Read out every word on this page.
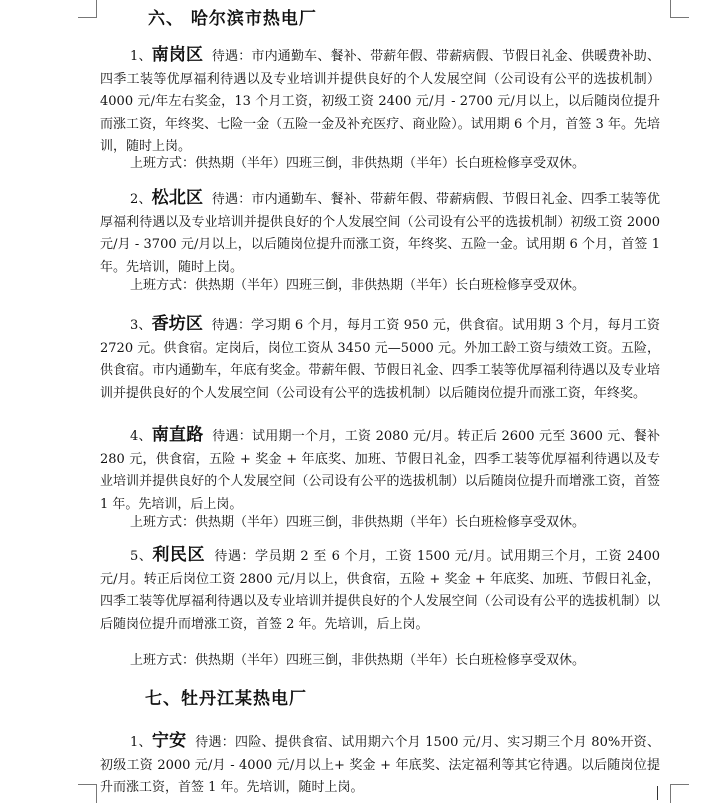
六、 哈尔滨市热电厂
1、南岗区 待遇：市内通勤车、餐补、带薪年假、带薪病假、节假日礼金、供暖费补助、四季工装等优厚福利待遇以及专业培训并提供良好的个人发展空间（公司设有公平的选拔机制）4000 元/年左右奖金，13 个月工资，初级工资 2400 元/月 - 2700 元/月以上，以后随岗位提升而涨工资，年终奖、七险一金（五险一金及补充医疗、商业险）。试用期 6 个月，首签 3 年。先培训，随时上岗。
上班方式：供热期（半年）四班三倒，非供热期（半年）长白班检修享受双休。
2、松北区 待遇：市内通勤车、餐补、带薪年假、带薪病假、节假日礼金、四季工装等优厚福利待遇以及专业培训并提供良好的个人发展空间（公司设有公平的选拔机制）初级工资 2000 元/月 - 3700 元/月以上，以后随岗位提升而涨工资，年终奖、五险一金。试用期 6 个月，首签 1 年。先培训，随时上岗。
上班方式：供热期（半年）四班三倒，非供热期（半年）长白班检修享受双休。
3、香坊区 待遇：学习期 6 个月，每月工资 950 元，供食宿。试用期 3 个月，每月工资 2720 元。供食宿。定岗后，岗位工资从 3450 元—5000 元。外加工龄工资与绩效工资。五险，供食宿。市内通勤车，年底有奖金。带薪年假、节假日礼金、四季工装等优厚福利待遇以及专业培训并提供良好的个人发展空间（公司设有公平的选拔机制）以后随岗位提升而涨工资，年终奖。
4、南直路 待遇：试用期一个月，工资 2080 元/月。转正后 2600 元至 3600 元、餐补 280 元，供食宿，五险 + 奖金 + 年底奖、加班、节假日礼金，四季工装等优厚福利待遇以及专业培训并提供良好的个人发展空间（公司设有公平的选拔机制）以后随岗位提升而增涨工资，首签 1 年。先培训，后上岗。
上班方式：供热期（半年）四班三倒，非供热期（半年）长白班检修享受双休。
5、利民区 待遇：学员期 2 至 6 个月，工资 1500 元/月。试用期三个月，工资 2400 元/月。转正后岗位工资 2800 元/月以上，供食宿，五险 + 奖金 + 年底奖、加班、节假日礼金，四季工装等优厚福利待遇以及专业培训并提供良好的个人发展空间（公司设有公平的选拔机制）以后随岗位提升而增涨工资，首签 2 年。先培训，后上岗。
上班方式：供热期（半年）四班三倒，非供热期（半年）长白班检修享受双休。
七、牡丹江某热电厂
1、宁安 待遇：四险、提供食宿、试用期六个月 1500 元/月、实习期三个月 80%开资、初级工资 2000 元/月 - 4000 元/月以上+ 奖金 + 年底奖、法定福利等其它待遇。以后随岗位提升而涨工资，首签 1 年。先培训，随时上岗。
